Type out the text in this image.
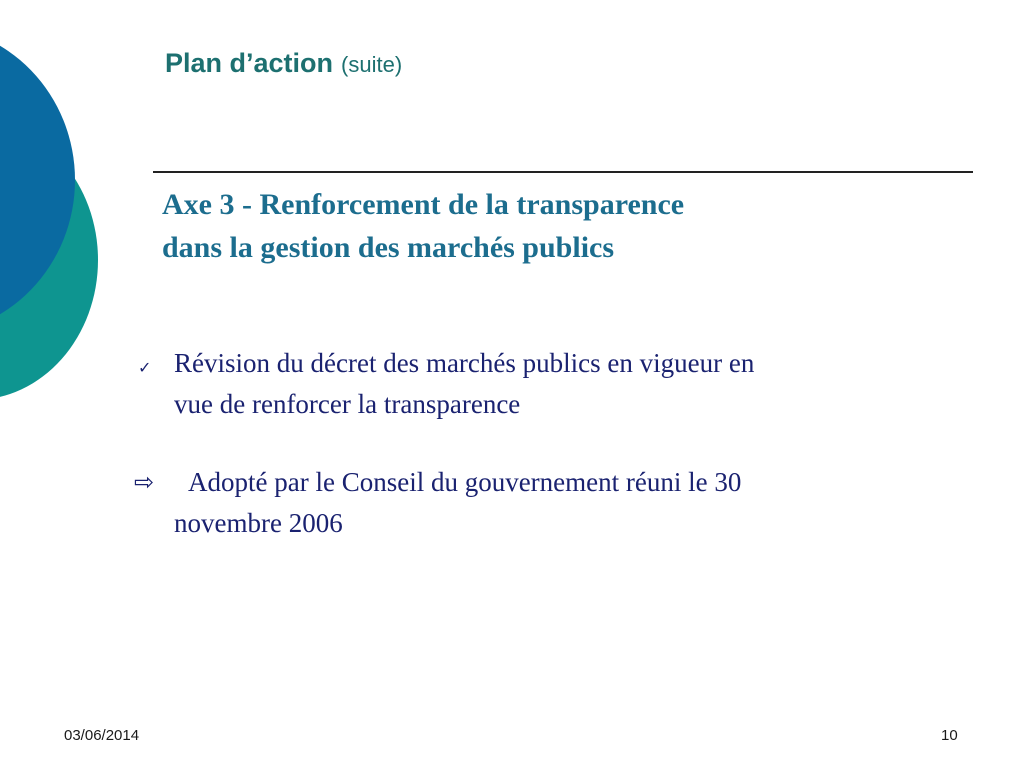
Plan d’action (suite)
Axe 3 - Renforcement de la transparence
dans la gestion des marchés publics
✓ Révision du décret des marchés publics en vigueur en
vue de renforcer la transparence
⇨	Adopté par le Conseil du gouvernement réuni le 30
novembre 2006
03/06/2014	10
